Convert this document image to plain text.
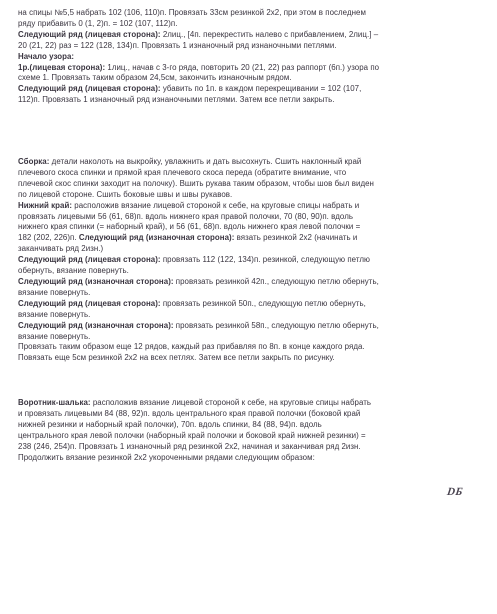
на спицы №5,5 набрать 102 (106, 110)п. Провязать 33см резинкой 2х2, при этом в последнем
ряду прибавить 0 (1, 2)п. = 102 (107, 112)п.
Следующий ряд (лицевая сторона): 2лиц., [4п. перекрестить налево с прибавлением, 2лиц.] –
20 (21, 22) раз = 122 (128, 134)п. Провязать 1 изнаночный ряд изнаночными петлями.
Начало узора:
1р.(лицевая сторона): 1лиц., начав с 3-го ряда, повторить 20 (21, 22) раз раппорт (6п.) узора по
схеме 1. Провязать таким образом 24,5см, закончить изнаночным рядом.
Следующий ряд (лицевая сторона): убавить по 1п. в каждом перекрещивании = 102 (107,
112)п. Провязать 1 изнаночный ряд изнаночными петлями. Затем все петли закрыть.
Сборка: детали наколоть на выкройку, увлажнить и дать высохнуть. Сшить наклонный край
плечевого скоса спинки и прямой края плечевого скоса переда (обратите внимание, что
плечевой скос спинки заходит на полочку). Вшить рукава таким образом, чтобы шов был виден
по лицевой стороне. Сшить боковые швы и швы рукавов.
Нижний край: расположив вязание лицевой стороной к себе, на круговые спицы набрать и
провязать лицевыми 56 (61, 68)п. вдоль нижнего края правой полочки, 70 (80, 90)п. вдоль
нижнего края спинки (= наборный край), и 56 (61, 68)п. вдоль нижнего края левой полочки =
182 (202, 226)п. Следующий ряд (изнаночная сторона): вязать резинкой 2х2 (начинать и
заканчивать ряд 2изн.)
Следующий ряд (лицевая сторона): провязать 112 (122, 134)п. резинкой, следующую петлю
обернуть, вязание повернуть.
Следующий ряд (изнаночная сторона): провязать резинкой 42п., следующую петлю обернуть,
вязание повернуть.
Следующий ряд (лицевая сторона): провязать резинкой 50п., следующую петлю обернуть,
вязание повернуть.
Следующий ряд (изнаночная сторона): провязать резинкой 58п., следующую петлю обернуть,
вязание повернуть.
Провязать таким образом еще 12 рядов, каждый раз прибавляя по 8п. в конце каждого ряда.
Повязать еще 5см резинкой 2х2 на всех петлях. Затем все петли закрыть по рисунку.
Воротник-шалька: расположив вязание лицевой стороной к себе, на круговые спицы набрать
и провязать лицевыми 84 (88, 92)п. вдоль центрального края правой полочки (боковой край
нижней резинки и наборный край полочки), 70п. вдоль спинки, 84 (88, 94)п. вдоль
центрального края левой полочки (наборный край полочки и боковой край нижней резинки) =
238 (246, 254)п. Провязать 1 изнаночный ряд резинкой 2х2, начиная и заканчивая ряд 2изн.
Продолжить вязание резинкой 2х2 укороченными рядами следующим образом:
DБ
